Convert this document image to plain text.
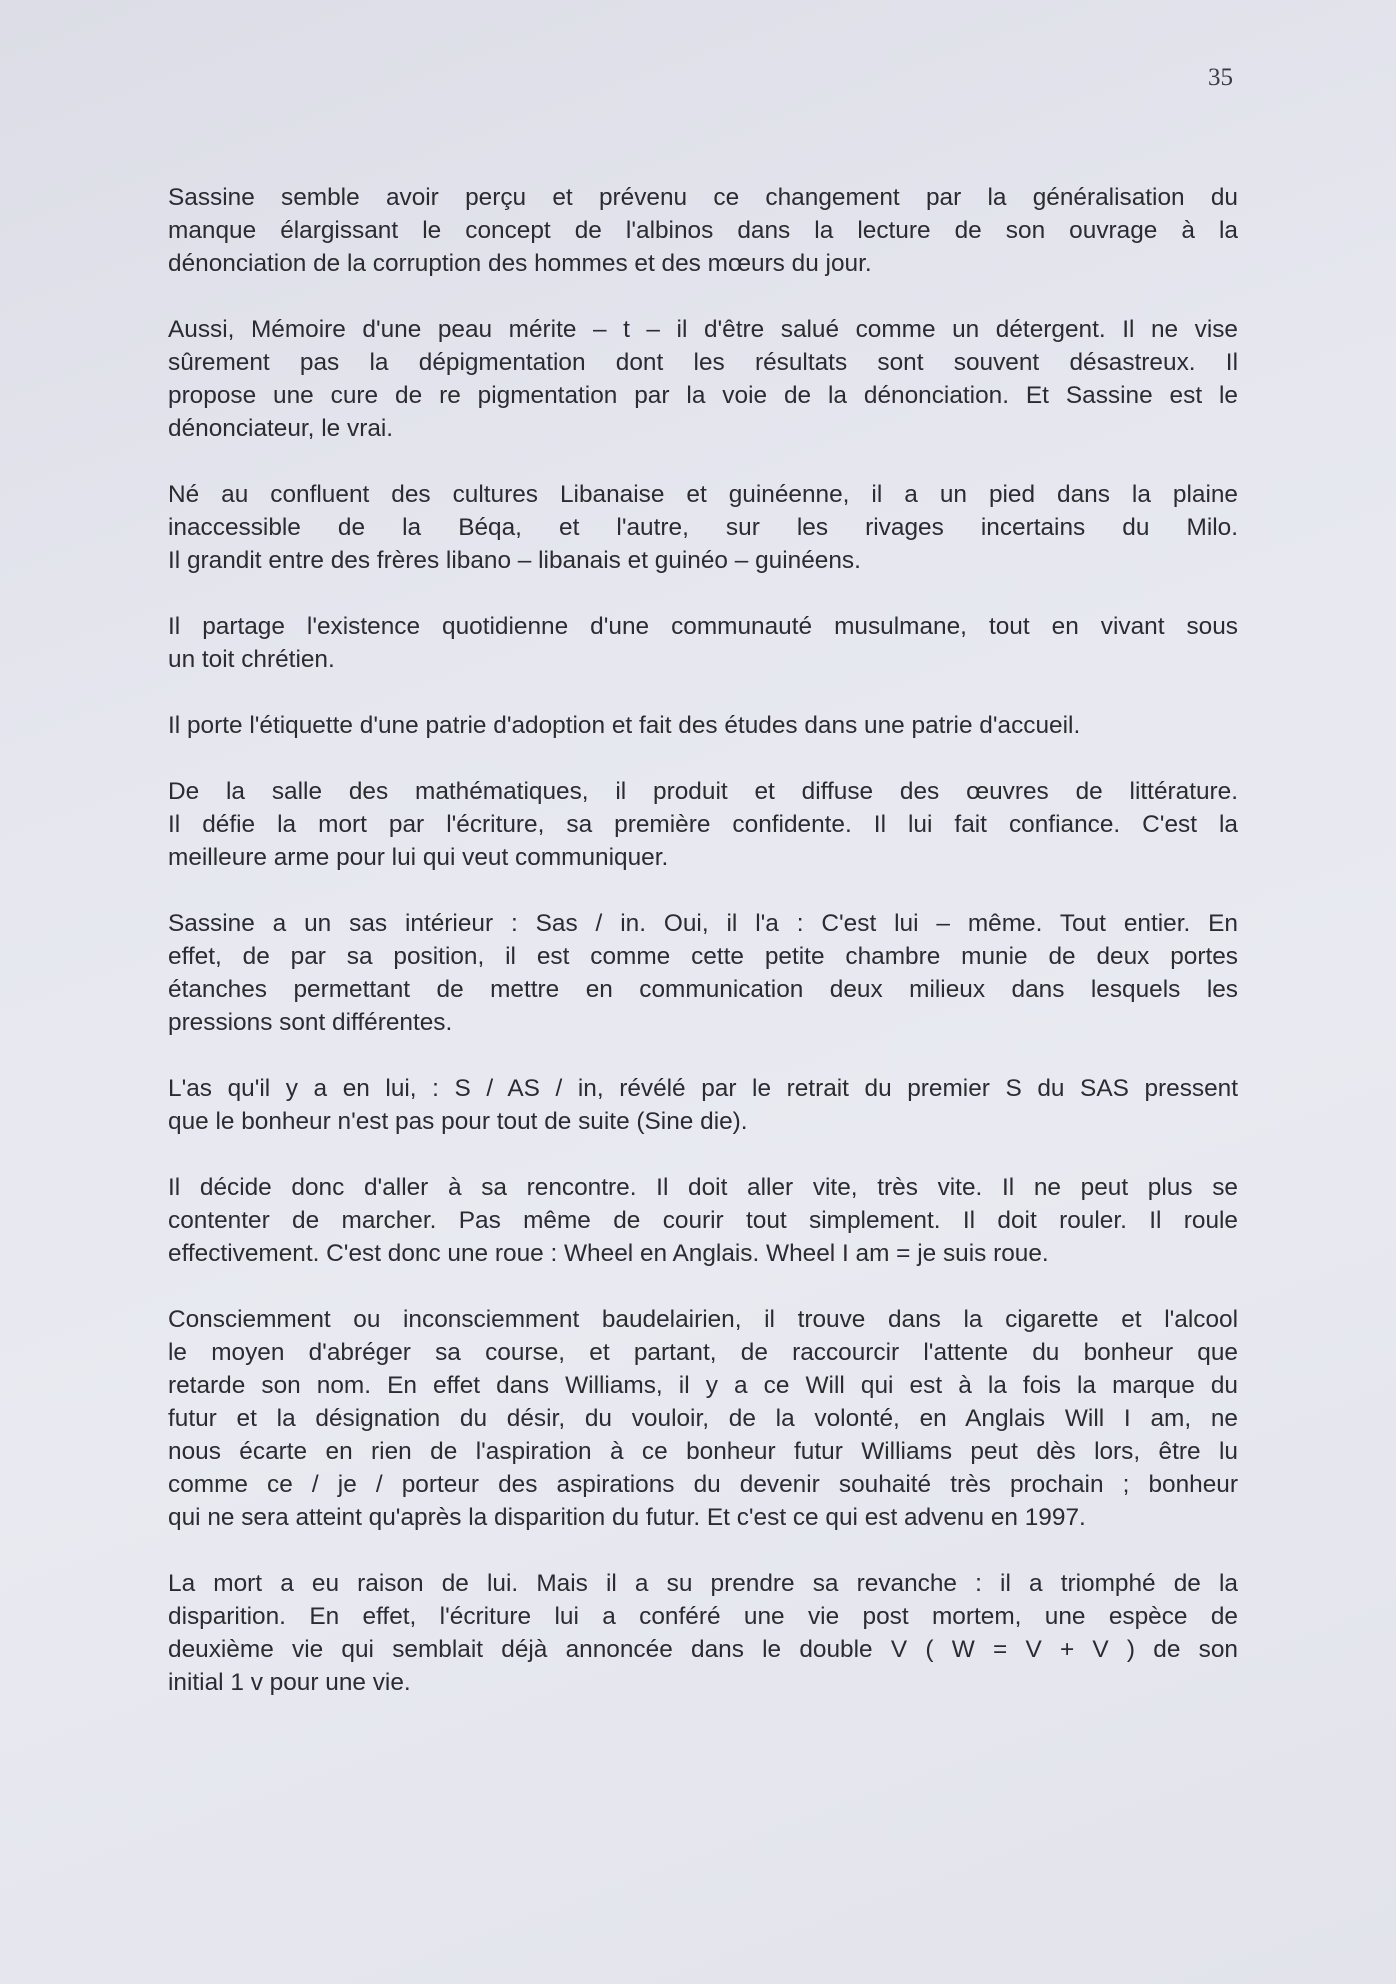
35
Sassine semble avoir perçu et prévenu ce changement par la généralisation du
manque élargissant le concept de l'albinos dans la lecture de son ouvrage à la
dénonciation de la corruption des hommes et des mœurs du jour.
Aussi, Mémoire d'une peau mérite – t – il d'être salué comme un détergent. Il ne vise
sûrement pas la dépigmentation dont les résultats sont souvent désastreux. Il
propose une cure de re pigmentation par la voie de la dénonciation. Et Sassine est le
dénonciateur, le vrai.
Né au confluent des cultures Libanaise et guinéenne, il a un pied dans la plaine
inaccessible de la Béqa, et l'autre, sur les rivages incertains du Milo.
Il grandit entre des frères libano – libanais et guinéo – guinéens.
Il partage l'existence quotidienne d'une communauté musulmane, tout en vivant sous
un toit chrétien.
Il porte l'étiquette d'une patrie d'adoption et fait des études dans une patrie d'accueil.
De la salle des mathématiques, il produit et diffuse des œuvres de littérature.
Il défie la mort par l'écriture, sa première confidente. Il lui fait confiance. C'est la
meilleure arme pour lui qui veut communiquer.
Sassine a un sas intérieur : Sas / in. Oui, il l'a : C'est lui – même. Tout entier. En
effet, de par sa position, il est comme cette petite chambre munie de deux portes
étanches permettant de mettre en communication deux milieux dans lesquels les
pressions sont différentes.
L'as qu'il y a en lui, : S / AS / in, révélé par le retrait du premier S du SAS pressent
que le bonheur n'est pas pour tout de suite (Sine die).
Il décide donc d'aller à sa rencontre. Il doit aller vite, très vite. Il ne peut plus se
contenter de marcher. Pas même de courir tout simplement. Il doit rouler. Il roule
effectivement. C'est donc une roue : Wheel en Anglais. Wheel I am = je suis roue.
Consciemment ou inconsciemment baudelairien, il trouve dans la cigarette et l'alcool
le moyen d'abréger sa course, et partant, de raccourcir l'attente du bonheur que
retarde son nom. En effet dans Williams, il y a ce Will qui est à la fois la marque du
futur et la désignation du désir, du vouloir, de la volonté, en Anglais Will I am, ne
nous écarte en rien de l'aspiration à ce bonheur futur Williams peut dès lors, être lu
comme ce / je / porteur des aspirations du devenir souhaité très prochain ; bonheur
qui ne sera atteint qu'après la disparition du futur. Et c'est ce qui est advenu en 1997.
La mort a eu raison de lui. Mais il a su prendre sa revanche : il a triomphé de la
disparition. En effet, l'écriture lui a conféré une vie post mortem, une espèce de
deuxième vie qui semblait déjà annoncée dans le double V ( W = V + V ) de son
initial 1 v pour une vie.
